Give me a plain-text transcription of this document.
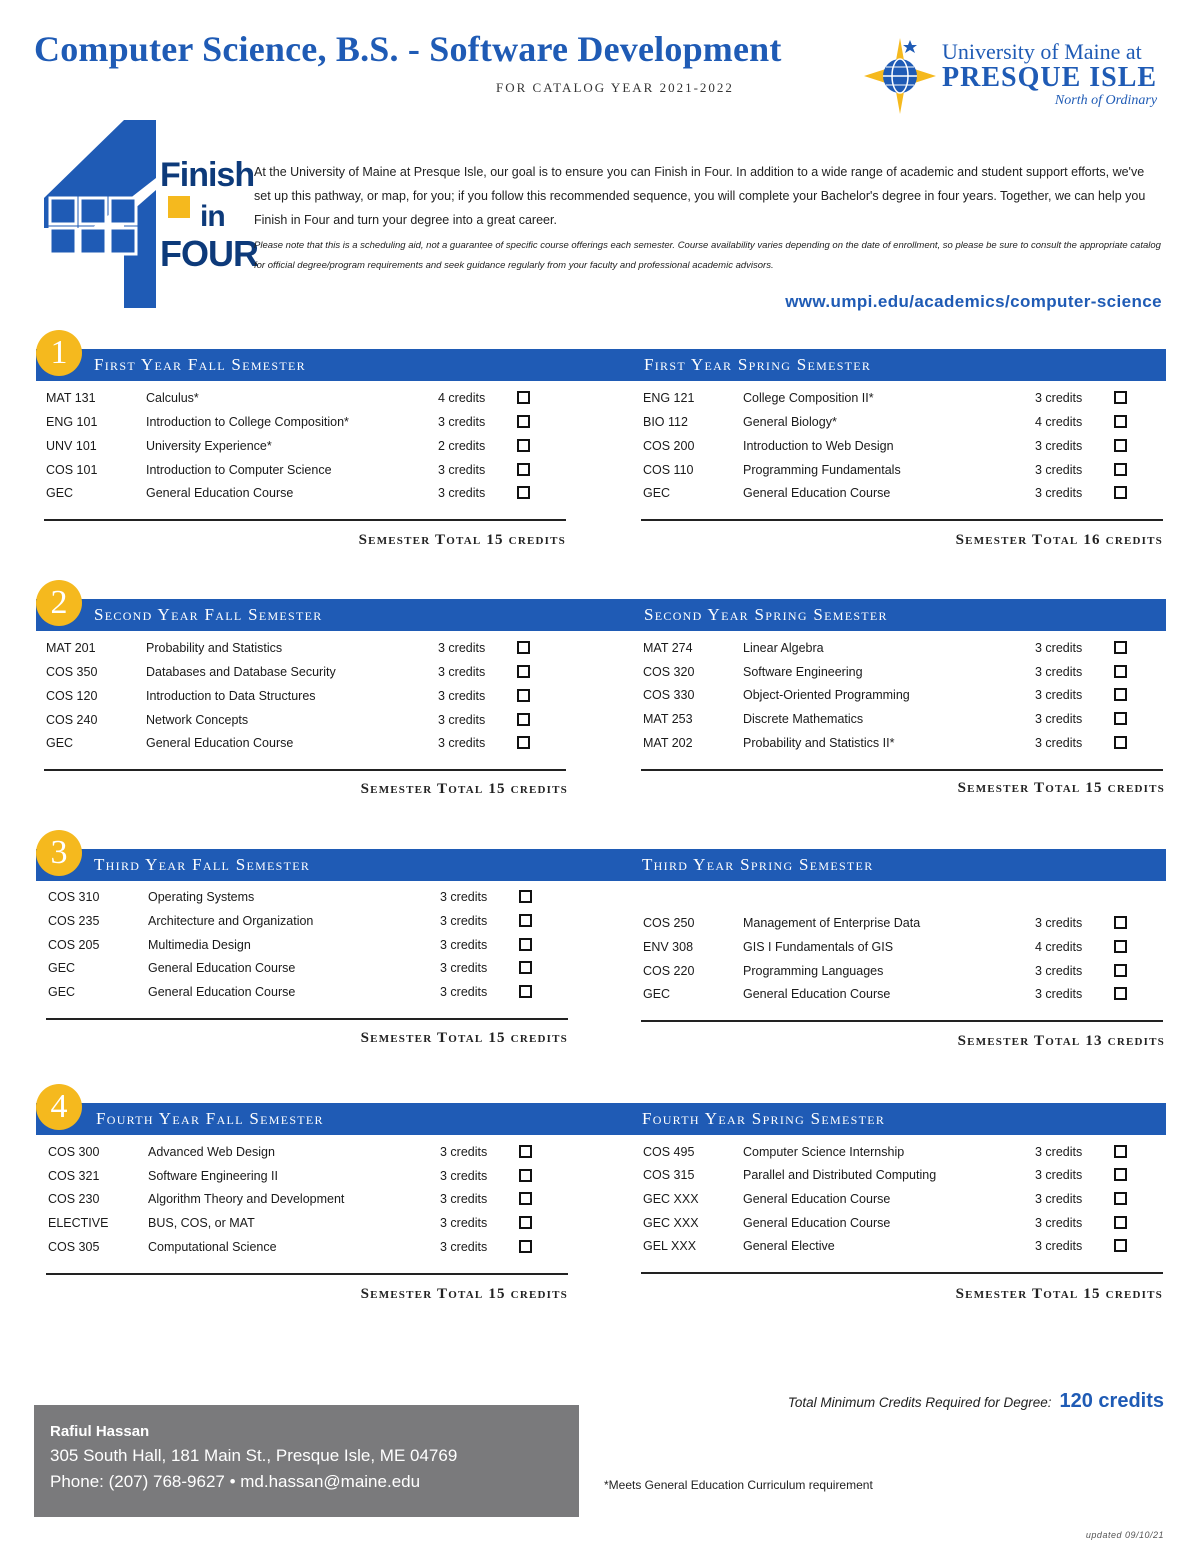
Computer Science, B.S. - Software Development
FOR CATALOG YEAR 2021-2022
University of Maine at
PRESQUE ISLE
North of Ordinary
Finish
in
FOUR
At the University of Maine at Presque Isle, our goal is to ensure you can Finish in Four. In addition to a wide range of academic and student support efforts, we've set up this pathway, or map, for you; if you follow this recommended sequence, you will complete your Bachelor's degree in four years. Together, we can help you Finish in Four and turn your degree into a great career.
Please note that this is a scheduling aid, not a guarantee of specific course offerings each semester. Course availability varies depending on the date of enrollment, so please be sure to consult the appropriate catalog for official degree/program requirements and seek guidance regularly from your faculty and professional academic advisors.
www.umpi.edu/academics/computer-science
1	First Year Fall Semester	First Year Spring Semester
MAT 131	Calculus*	4 credits
ENG 101	Introduction to College Composition*	3 credits
UNV 101	University Experience*	2 credits
COS 101	Introduction to Computer Science	3 credits
GEC	General Education Course	3 credits
ENG 121	College Composition II*	3 credits
BIO 112	General Biology*	4 credits
COS 200	Introduction to Web Design	3 credits
COS 110	Programming Fundamentals	3 credits
GEC	General Education Course	3 credits
Semester Total 15 credits	Semester Total 16 credits
2	Second Year Fall Semester	Second Year Spring Semester
MAT 201	Probability and Statistics	3 credits
COS 350	Databases and Database Security	3 credits
COS 120	Introduction to Data Structures	3 credits
COS 240	Network Concepts	3 credits
GEC	General Education Course	3 credits
MAT 274	Linear Algebra	3 credits
COS 320	Software Engineering	3 credits
COS 330	Object-Oriented Programming	3 credits
MAT 253	Discrete Mathematics	3 credits
MAT 202	Probability and Statistics II*	3 credits
Semester Total 15 credits	Semester Total 15 credits
3	Third Year Fall Semester	Third Year Spring Semester
COS 310	Operating Systems	3 credits
COS 235	Architecture and Organization	3 credits
COS 205	Multimedia Design	3 credits
GEC	General Education Course	3 credits
GEC	General Education Course	3 credits
COS 250	Management of Enterprise Data	3 credits
ENV 308	GIS I Fundamentals of GIS	4 credits
COS 220	Programming Languages	3 credits
GEC	General Education Course	3 credits
Semester Total 15 credits	Semester Total 13 credits
4	Fourth Year Fall Semester	Fourth Year Spring Semester
COS 300	Advanced Web Design	3 credits
COS 321	Software Engineering II	3 credits
COS 230	Algorithm Theory and Development	3 credits
ELECTIVE	BUS, COS, or MAT	3 credits
COS 305	Computational Science	3 credits
COS 495	Computer Science Internship	3 credits
COS 315	Parallel and Distributed Computing	3 credits
GEC XXX	General Education Course	3 credits
GEC XXX	General Education Course	3 credits
GEL XXX	General Elective	3 credits
Semester Total 15 credits	Semester Total 15 credits
Total Minimum Credits Required for Degree: 120 credits
Rafiul Hassan
305 South Hall, 181 Main St., Presque Isle, ME 04769
Phone: (207) 768-9627 • md.hassan@maine.edu	*Meets General Education Curriculum requirement
updated 09/10/21
